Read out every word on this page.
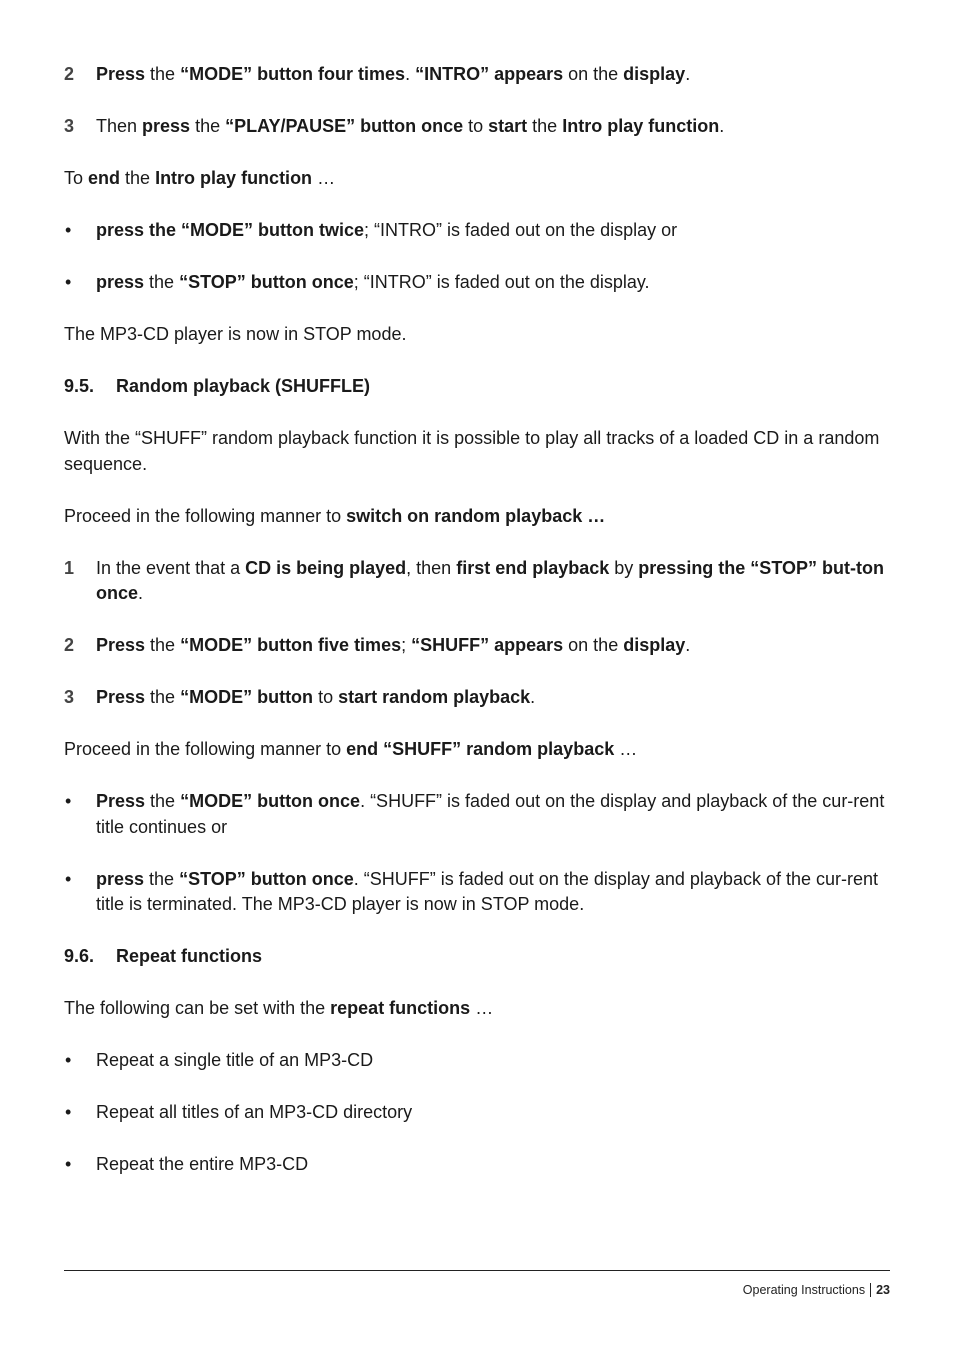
2	Press the “MODE” button four times. “INTRO” appears on the display.
3	Then press the “PLAY/PAUSE” button once to start the Intro play function.

To end the Intro play function …

•	press the “MODE” button twice; “INTRO” is faded out on the display or
•	press the “STOP” button once; “INTRO” is faded out on the display.

The MP3-CD player is now in STOP mode.

9.5.	Random playback (SHUFFLE)

With the “SHUFF” random playback function it is possible to play all tracks of a loaded CD in a random sequence.

Proceed in the following manner to switch on random playback …

1	In the event that a CD is being played, then first end playback by pressing the “STOP” but-ton once.
2	Press the “MODE” button five times; “SHUFF” appears on the display.
3	Press the “MODE” button to start random playback.

Proceed in the following manner to end “SHUFF” random playback …

•	Press the “MODE” button once. “SHUFF” is faded out on the display and playback of the cur-rent title continues or
•	press the “STOP” button once. “SHUFF” is faded out on the display and playback of the cur-rent title is terminated. The MP3-CD player is now in STOP mode.
9.6.	Repeat functions

The following can be set with the repeat functions …

•	Repeat a single title of an MP3-CD
•	Repeat all titles of an MP3-CD directory
•	Repeat the entire MP3-CD
Operating Instructions 23
